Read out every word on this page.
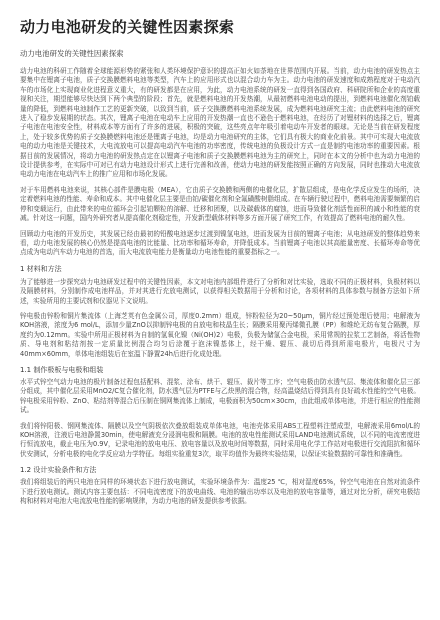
动力电池研发的关键性因素探索
动力电池研发的关键性因素探索

动力电池的科研工作随着全球能源形势的紧张和人类环境保护意识的提高正如火如荼地在世界范围内开展。当前，动力电池的研发热点主要集中在锂离子电池，质子交换膜燃料电池等类型，汽车上的应用形式也以混合动力车为主。动力电池的研发速度和成熟程度对于电动汽车的市场化上实现商业化进程意义重大，有的研发都是在应用，为此，动力电池系统的研发一直得到各国政府、科研院所和企业的高度重视和关注，期望能够尽快达到下两个典型的阶段；首先，就是燃料电池的开发热潮，从最初燃料电池电动的提出，到燃料电池催化剂铂载量的降低，到燃料电池制作工艺的更新突破，以致到当前，质子交换膜燃料电池系统发展，成为燃料电池研究主流；由此燃料电池的研究进入了稳步发展期的状态。其次，锂离子电池在电动车上应用的开发热潮一直也不逊色于燃料电池，在经历了对锂材料的选择之后，锂离子电池在电池安全性，材料成本等方面有了许多的进展，积极的突破，这些亮点年年吸引着电动车开发者的眼球。无论是当前在研发程度上，处于较多优势的质子交换膜燃料电池还是锂离子电池，均是动力电池研究的主体，它们具有极大的商业化前景。其中可实现大电流放电的动力电池是关键技术，大电流放电可以提高电动汽车电池的功率密度，传统电池的负极设计方式一直是制约电池功率的重要因素。根据目前的发展情况，将动力电池的研发热点定在以锂离子电池和质子交换膜燃料电池为主的研究上，同时在本文的分析中也为动力电池的设计提供参考，在实际中可对已有动力电池设计形式上进行完善和改善，使动力电池的研发能按照正确的方向发展，同时也推动大电流放电动力电池在电动汽车上的推广应用和市场化发展。

对于车用燃料电池来说，其核心部件是膜电极（MEA），它由质子交换膜和两侧的电催化层，扩散层组成，是电化学反应发生的场所，决定着燃料电池的性能、寿命和成本。其中电催化层主要是由铂/碳催化剂和全氟磺酸树脂组成。在车辆行驶过程中，燃料电池需要频繁的启停和变载运行，由此带来的电位循环会引起铂颗粒的溶解、迁移和团聚，以及碳载体的腐蚀，进而导致催化剂活性面积的减小和性能的衰减。针对这一问题，国内外研究者从提高催化剂稳定性，开发新型载体材料等多方面开展了研究工作，有效提高了燃料电池的耐久性。

回顾动力电池的开发历史，其发展已经由最初的铅酸电池逐步过渡到镍氢电池，进而发展为目前的锂离子电池；从电池研发的整体趋势来看，动力电池发展的核心仍然是提高电池的比能量、比功率和循环寿命，并降低成本。当前锂离子电池以其高能量密度、长循环寿命等优点成为电动汽车动力电池的首选，而大电流放电能力是衡量动力电池性能的重要指标之一。

1 材料和方法

为了能够进一步探究动力电池研发过程中的关键性因素，本文对电池内部组件进行了分析和对比实验，选取不同的正极材料，负极材料以及隔膜材料，分别制作成电池样品，并对其进行充放电测试，以获得相关数据用于分析和讨论，各项材料的具体参数与制备方法如下所述，实验所用的主要试剂和仪器见下文说明。

锌电极由锌粉和铜片集流体（上海芝英有色金属公司，厚度0.2mm）组成，锌粉粒径为20~50μm，铜片经过预处理后使用；电解液为KOH溶液，浓度为6 mol/L，添加少量ZnO以抑制锌电极的自放电和枝晶生长；隔膜采用聚丙烯微孔膜（PP）和维纶无纺布复合隔膜，厚度约为0.12mm。实验中所用正极材料为自制的氢氧化镍（Ni(OH)2）电极，负极为储氢合金电极，采用常规的拉浆工艺制备，将活性物质、导电剂和粘结剂按一定质量比例混合均匀后涂覆于泡沫镍基体上，经干燥、辊压、裁切后得到所需电极片，电极尺寸为40mm×60mm，单体电池组装后在室温下静置24h后进行化成处理。

1.1 制作极板与电极和组装

水平式锌空气动力电池的极片制备过程包括配料、混浆、涂布、烘干、辊压、裁片等工序；空气电极由防水透气层、集流体和催化层三部分组成，其中催化层采用MnO2/C复合催化剂，防水透气层为PTFE与乙炔黑的混合物，经高温烧结后得到具有良好疏水性能的空气电极。锌电极采用锌粉、ZnO、粘结剂等混合后压制在铜网集流体上制成，电极面积为50cm×30cm，由此组成单体电池，并进行相应的性能测试。

我们将锌阳极、钢网集流体、隔膜以及空气阴极依次叠放组装成单体电池，电池壳体采用ABS工程塑料注塑成型，电解液采用6mol/L的KOH溶液，注液后电池静置30min，使电解液充分浸润电极和隔膜。电池的放电性能测试采用LAND电池测试系统，以不同的电流密度进行恒流放电，截止电压为0.9V，记录电池的放电电压、放电容量以及放电时间等数据，同时采用电化学工作站对电极进行交流阻抗和循环伏安测试，分析电极的电化学反应动力学特征。每组实验重复3次，取平均值作为最终实验结果，以保证实验数据的可靠性和准确性。

1.2 设计实验条件和方法

我们将组装后的两只电池在同样的环境状态下进行放电测试，实验环境条件为：温度25 ℃，相对湿度65%，锌空气电池在自然对流条件下进行放电测试。测试内容主要包括：不同电流密度下的放电曲线、电池的输出功率以及电池的放电容量等，通过对比分析，研究电极结构和材料对电池大电流放电性能的影响规律，为动力电池的研发提供参考依据。
